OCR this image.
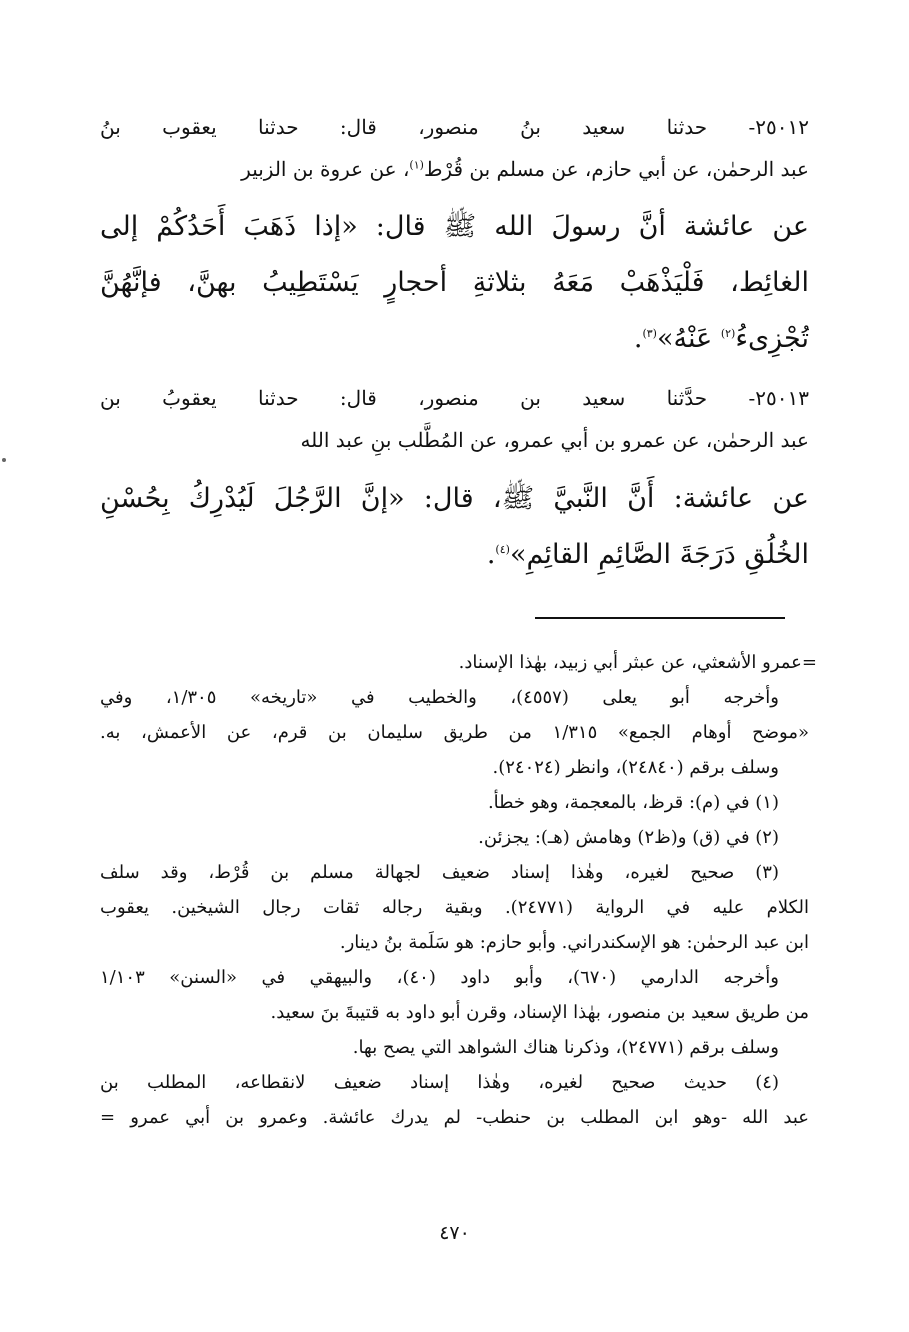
٢٥٠١٢- حدثنا سعيد بنُ منصور، قال: حدثنا يعقوب بنُ
عبد الرحمٰن، عن أبي حازم، عن مسلم بن قُرْط$^{(١)}$، عن عروة بن الزبير
عن عائشة أنَّ رسولَ الله ﷺ قال: «إذا ذَهَبَ أَحَدُكُمْ إلى
الغائِط، فَلْيَذْهَبْ مَعَهُ بثلاثةِ أحجارٍ يَسْتَطِيبُ بهنَّ، فإنَّهُنَّ
تُجْزِىءُ$^{(٢)}$ عَنْهُ»$^{(٣)}$.
٢٥٠١٣- حدَّثنا سعيد بن منصور، قال: حدثنا يعقوبُ بن
عبد الرحمٰن، عن عمرو بن أبي عمرو، عن المُطَّلب بنِ عبد الله
عن عائشة: أَنَّ النَّبيَّ ﷺ، قال: «إنَّ الرَّجُلَ لَيُدْرِكُ بِحُسْنِ
الخُلُقِ دَرَجَةَ الصَّائِمِ القائِمِ»$^{(٤)}$.
=عمرو الأشعثي، عن عبثر أبي زبيد، بهٰذا الإسناد.
وأخرجه أبو يعلى (٤٥٥٧)، والخطيب في «تاريخه» ١/٣٠٥، وفي
«موضح أوهام الجمع» ١/٣١٥ من طريق سليمان بن قرم، عن الأعمش، به.
وسلف برقم (٢٤٨٤٠)، وانظر (٢٤٠٢٤).
(١) في (م): قرظ، بالمعجمة، وهو خطأ.
(٢) في (ق) و(ظ٢) وهامش (هـ): يجزئن.
(٣) صحيح لغيره، وهٰذا إسناد ضعيف لجهالة مسلم بن قُرْط، وقد سلف
الكلام عليه في الرواية (٢٤٧٧١). وبقية رجاله ثقات رجال الشيخين. يعقوب
ابن عبد الرحمٰن: هو الإسكندراني. وأبو حازم: هو سَلَمة بنُ دينار.
وأخرجه الدارمي (٦٧٠)، وأبو داود (٤٠)، والبيهقي في «السنن» ١/١٠٣
من طريق سعيد بن منصور، بهٰذا الإسناد، وقرن أبو داود به قتيبةَ بنَ سعيد.
وسلف برقم (٢٤٧٧١)، وذكرنا هناك الشواهد التي يصح بها.
(٤) حديث صحيح لغيره، وهٰذا إسناد ضعيف لانقطاعه، المطلب بن
عبد الله -وهو ابن المطلب بن حنطب- لم يدرك عائشة. وعمرو بن أبي عمرو =
٤٧٠
